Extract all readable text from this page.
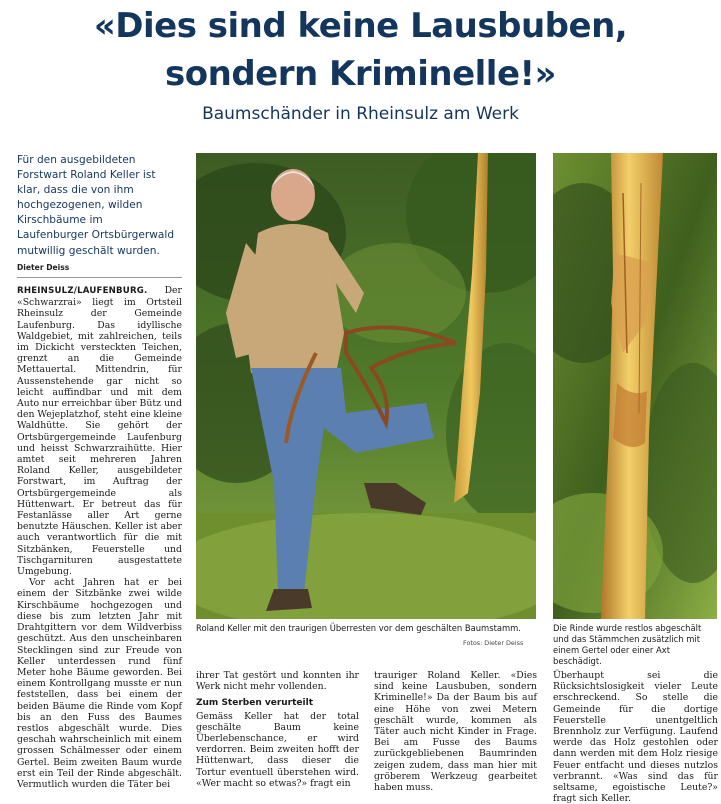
«Dies sind keine Lausbuben,
sondern Kriminelle!»
Baumschänder in Rheinsulz am Werk
Für den ausgebildeten Forstwart Roland Keller ist klar, dass die von ihm hochgezogenen, wilden Kirschbäume im Laufenburger Ortsbürgerwald mutwillig geschält wurden.
Dieter Deiss

RHEINSULZ/LAUFENBURG. Der «Schwarzrai» liegt im Ortsteil Rheinsulz der Gemeinde Laufenburg. Das idyllische Waldgebiet, mit zahlreichen, teils im Dickicht versteckten Teichen, grenzt an die Gemeinde Mettauertal. Mittendrin, für Aussenstehende gar nicht so leicht auffindbar und mit dem Auto nur erreichbar über Bütz und den Wejeplatzhof, steht eine kleine Waldhütte. Sie gehört der Ortsbürgergemeinde Laufenburg und heisst Schwarzraihütte. Hier amtet seit mehreren Jahren Roland Keller, ausgebildeter Forstwart, im Auftrag der Ortsbürgergemeinde als Hüttenwart. Er betreut das für Festanlässe aller Art gerne benutzte Häuschen. Keller ist aber auch verantwortlich für die mit Sitzbänken, Feuerstelle und Tischgarnituren ausgestattete Umgebung.

Vor acht Jahren hat er bei einem der Sitzbänke zwei wilde Kirschbäume hochgezogen und diese bis zum letzten Jahr mit Drahtgittern vor dem Wildverbiss geschützt. Aus den unscheinbaren Stecklingen sind zur Freude von Keller unterdessen rund fünf Meter hohe Bäume geworden. Bei einem Kontrollgang musste er nun feststellen, dass bei einem der beiden Bäume die Rinde vom Kopf bis an den Fuss des Baumes restlos abgeschält wurde. Dies geschah wahrscheinlich mit einem grossen Schälmesser oder einem Gertel. Beim zweiten Baum wurde erst ein Teil der Rinde abgeschält. Vermutlich wurden die Täter bei

Roland Keller mit den traurigen Überresten vor dem geschälten Baumstamm.
Fotos: Dieter Deiss
Die Rinde wurde restlos abgeschält und das Stämmchen zusätzlich mit einem Gertel oder einer Axt beschädigt.

ihrer Tat gestört und konnten ihr Werk nicht mehr vollenden.

Zum Sterben verurteilt

Gemäss Keller hat der total geschälte Baum keine Überlebenschance, er wird verdorren. Beim zweiten hofft der Hüttenwart, dass dieser die Tortur eventuell überstehen wird. «Wer macht so etwas?» fragt ein

trauriger Roland Keller. «Dies sind keine Lausbuben, sondern Kriminelle!» Da der Baum bis auf eine Höhe von zwei Metern geschält wurde, kommen als Täter auch nicht Kinder in Frage. Bei am Fusse des Baums zurückgebliebenen Baumrinden zeigen zudem, dass man hier mit gröberem Werkzeug gearbeitet haben muss.

Überhaupt sei die Rücksichtslosigkeit vieler Leute erschreckend. So stelle die Gemeinde für die dortige Feuerstelle unentgeltlich Brennholz zur Verfügung. Laufend werde das Holz gestohlen oder dann werden mit dem Holz riesige Feuer entfacht und dieses nutzlos verbrannt. «Was sind das für seltsame, egoistische Leute?» fragt sich Keller.
